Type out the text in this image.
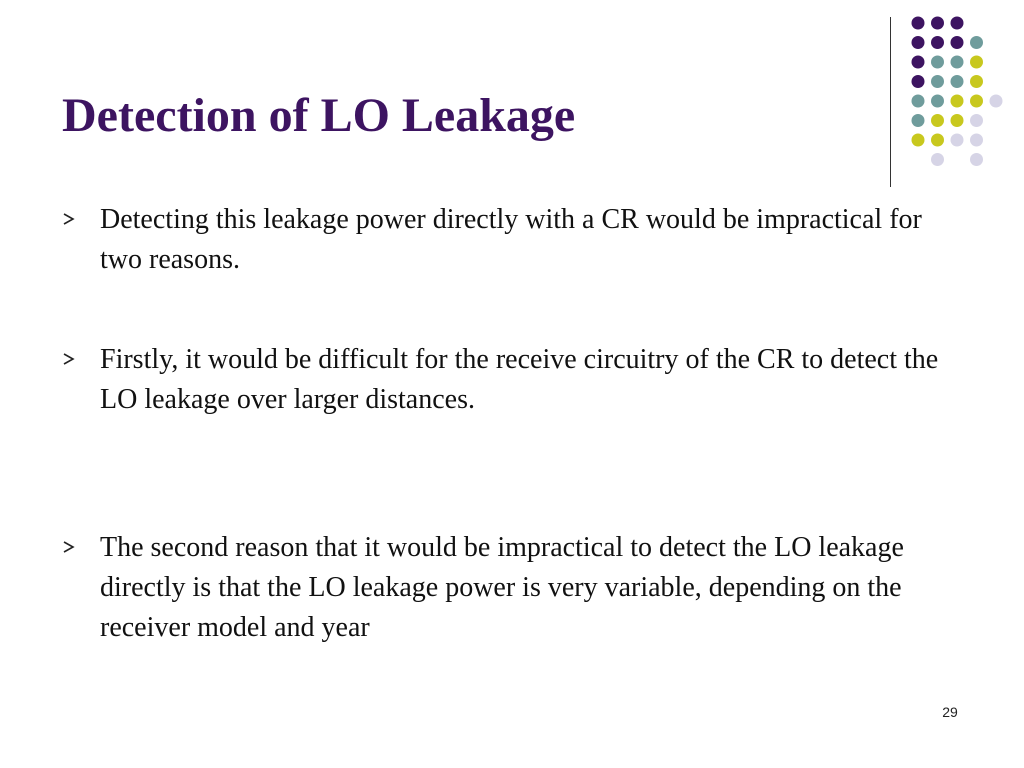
Detection of LO Leakage
Detecting this leakage power directly with a CR would be impractical for two reasons.
Firstly, it would be difficult for the receive circuitry of the CR to detect the LO leakage over larger distances.
The second reason that it would be impractical to detect the LO leakage directly is that the LO leakage power is very variable, depending on the receiver model and year
29
